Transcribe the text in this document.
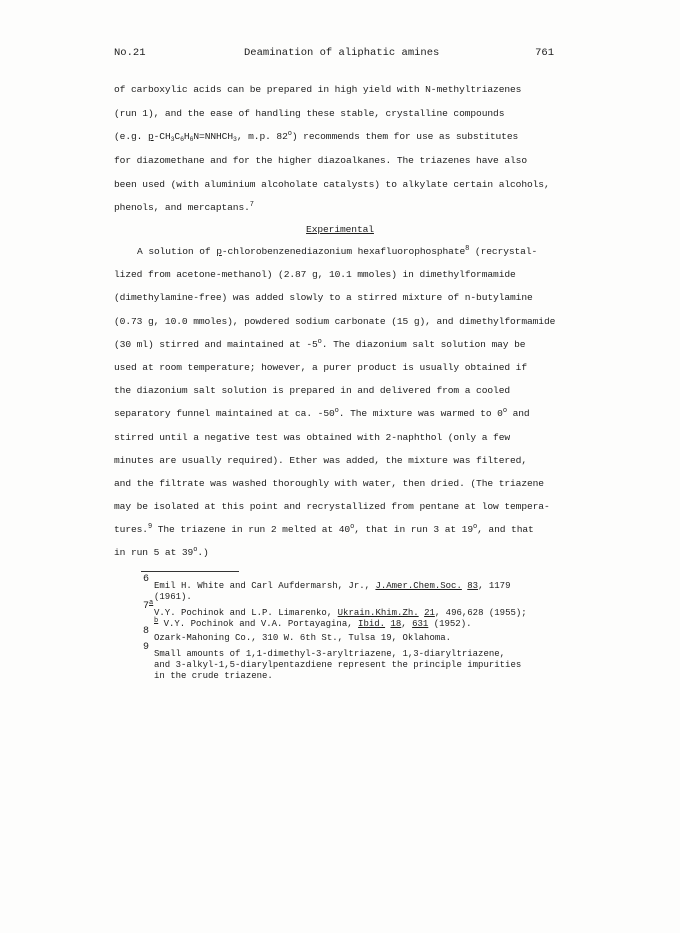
No.21	Deamination of aliphatic amines	761
of carboxylic acids can be prepared in high yield with N-methyltriazenes
(run 1), and the ease of handling these stable, crystalline compounds
(e.g. $p-CH_3C_6H_6N=NNHCH_3$, m.p. 82$^o$) recommends them for use as substitutes
for diazomethane and for the higher diazoalkanes. The triazenes have also
been used (with aluminium alcoholate catalysts) to alkylate certain alcohols,
phenols, and mercaptans.$^7$
Experimental
A solution of p-chlorobenzenediazonium hexafluorophosphate$^8$ (recrystal-
lized from acetone-methanol) (2.87 g, 10.1 mmoles) in dimethylformamide
(dimethylamine-free) was added slowly to a stirred mixture of n-butylamine
(0.73 g, 10.0 mmoles), powdered sodium carbonate (15 g), and dimethylformamide
(30 ml) stirred and maintained at -5$^o$. The diazonium salt solution may be
used at room temperature; however, a purer product is usually obtained if
the diazonium salt solution is prepared in and delivered from a cooled
separatory funnel maintained at ca. -50$^o$. The mixture was warmed to 0$^o$ and
stirred until a negative test was obtained with 2-naphthol (only a few
minutes are usually required). Ether was added, the mixture was filtered,
and the filtrate was washed thoroughly with water, then dried. (The triazene
may be isolated at this point and recrystallized from pentane at low tempera-
tures.$^9$ The triazene in run 2 melted at 40$^o$, that in run 3 at 19$^o$, and that
in run 5 at 39$^o$.)
6
Emil H. White and Carl Aufdermarsh, Jr., J.Amer.Chem.Soc. 83, 1179
(1961).
7$^a$
V.Y. Pochinok and L.P. Limarenko, Ukrain.Khim.Zh. 21, 496,628 (1955);
$^b$ V.Y. Pochinok and V.A. Portayagina, Ibid. 18, 631 (1952).
8
Ozark-Mahoning Co., 310 W. 6th St., Tulsa 19, Oklahoma.
9
Small amounts of 1,1-dimethyl-3-aryltriazene, 1,3-diaryltriazene,
and 3-alkyl-1,5-diarylpentazdiene represent the principle impurities
in the crude triazene.
